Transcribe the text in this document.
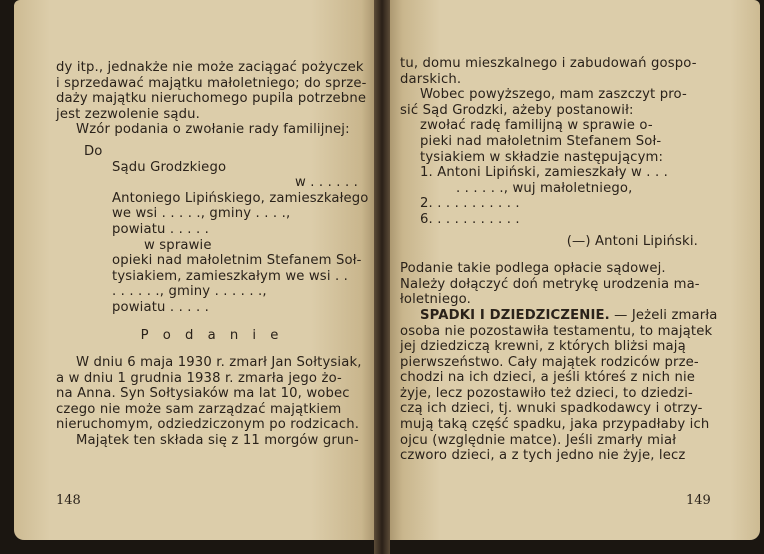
dy itp., jednakże nie może zaciągać pożyczek
i sprzedawać majątku małoletniego; do sprze-
daży majątku nieruchomego pupila potrzebne
jest zezwolenie sądu.
Wzór podania o zwołanie rady familijnej:
Do
Sądu Grodzkiego
w . . . . . .
Antoniego Lipińskiego, zamieszkałego
we wsi . . . . ., gminy . . . .,
powiatu . . . . .
w sprawie
opieki nad małoletnim Stefanem Soł-
tysiakiem, zamieszkałym we wsi . .
. . . . . ., gminy . . . . . .,
powiatu . . . . .
P o d a n i e
W dniu 6 maja 1930 r. zmarł Jan Sołtysiak,
a w dniu 1 grudnia 1938 r. zmarła jego żo-
na Anna. Syn Sołtysiaków ma lat 10, wobec
czego nie może sam zarządzać majątkiem
nieruchomym, odziedziczonym po rodzicach.
Majątek ten składa się z 11 morgów grun-
148
tu, domu mieszkalnego i zabudowań gospo-
darskich.
Wobec powyższego, mam zaszczyt pro-
sić Sąd Grodzki, ażeby postanowił:
zwołać radę familijną w sprawie o-
pieki nad małoletnim Stefanem Soł-
tysiakiem w składzie następującym:
1. Antoni Lipiński, zamieszkały w . . .
. . . . . ., wuj małoletniego,
2. . . . . . . . . . .
6. . . . . . . . . . .
(—) Antoni Lipiński.
Podanie takie podlega opłacie sądowej.
Należy dołączyć doń metrykę urodzenia ma-
łoletniego.
SPADKI I DZIEDZICZENIE. — Jeżeli zmarła
osoba nie pozostawiła testamentu, to majątek
jej dziedziczą krewni, z których bliżsi mają
pierwszeństwo. Cały majątek rodziców prze-
chodzi na ich dzieci, a jeśli któreś z nich nie
żyje, lecz pozostawiło też dzieci, to dziedzi-
czą ich dzieci, tj. wnuki spadkodawcy i otrzy-
mują taką część spadku, jaka przypadłaby ich
ojcu (względnie matce). Jeśli zmarły miał
czworo dzieci, a z tych jedno nie żyje, lecz
149
